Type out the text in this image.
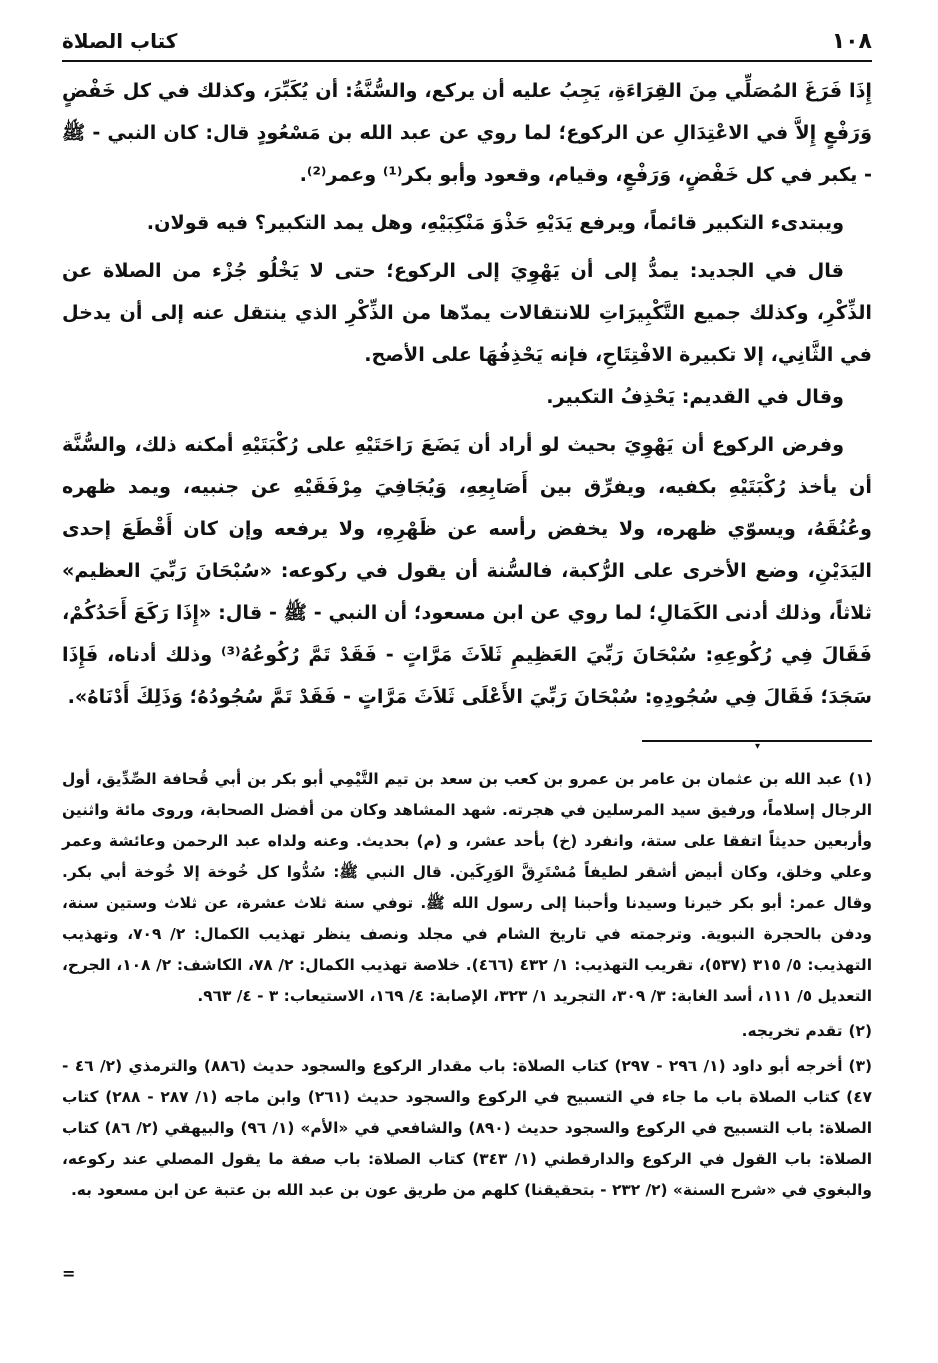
١٠٨
كتاب الصلاة

إِذَا فَرَغَ المُصَلِّي مِنَ القِرَاءَةِ، يَجِبُ عليه أن يركع، والسُّنَّةُ: أن يُكَبِّرَ، وكذلك في كل خَفْضٍ وَرَفْعٍ إِلاَّ في الاعْتِدَالِ عن الركوع؛ لما روي عن عبد الله بن مَسْعُودٍ قال: كان النبي - ﷺ - يكبر في كل خَفْضٍ، وَرَفْعٍ، وقيام، وقعود وأبو بكر⁽¹⁾ وعمر⁽²⁾.

ويبتدىء التكبير قائماً، ويرفع يَدَيْهِ حَذْوَ مَنْكِبَيْهِ، وهل يمد التكبير؟ فيه قولان.

قال في الجديد: يمدُّ إلى أن يَهْوِيَ إلى الركوع؛ حتى لا يَخْلُو جُزْء من الصلاة عن الذِّكْرِ، وكذلك جميع التَّكْبِيرَاتِ للانتقالات يمدّها من الذِّكْرِ الذي ينتقل عنه إلى أن يدخل في الثَّانِي، إلا تكبيرة الافْتِتَاحِ، فإنه يَحْذِفُهَا على الأصح.

وقال في القديم: يَحْذِفُ التكبير.

وفرض الركوع أن يَهْوِيَ بحيث لو أراد أن يَضَعَ رَاحَتَيْهِ على رُكْبَتَيْهِ أمكنه ذلك، والسُّنَّة أن يأخذ رُكْبَتَيْهِ بكفيه، ويفرِّق بين أَصَابِعِهِ، وَيُجَافِيَ مِرْفَقَيْهِ عن جنبيه، ويمد ظهره وعُنُقَهُ، ويسوّي ظهره، ولا يخفض رأسه عن ظَهْرِهِ، ولا يرفعه وإن كان أَقْطَعَ إحدى اليَدَيْنِ، وضع الأخرى على الرُّكبة، فالسُّنة أن يقول في ركوعه: «سُبْحَانَ رَبِّيَ العظيم» ثلاثاً، وذلك أدنى الكَمَالِ؛ لما روي عن ابن مسعود؛ أن النبي - ﷺ - قال: «إِذَا رَكَعَ أَحَدُكُمْ، فَقَالَ فِي رُكُوعِهِ: سُبْحَانَ رَبِّيَ العَظِيمِ ثَلاَثَ مَرَّاتٍ - فَقَدْ تَمَّ رُكُوعُهُ⁽³⁾ وذلك أدناه، فَإِذَا سَجَدَ؛ فَقَالَ فِي سُجُودِهِ: سُبْحَانَ رَبِّيَ الأَعْلَى ثَلاَثَ مَرَّاتٍ - فَقَدْ تَمَّ سُجُودُهُ؛ وَذَلِكَ أَدْنَاهُ».

▾

(١)عبد الله بن عثمان بن عامر بن عمرو بن كعب بن سعد بن تيم التَّيْمِي أبو بكر بن أبي قُحافة الصِّدِّيق، أول الرجال إسلاماً، ورفيق سيد المرسلين في هجرته. شهد المشاهد وكان من أفضل الصحابة، وروى مائة واثنين وأربعين حديثاً اتفقا على ستة، وانفرد (خ) بأحد عشر، و (م) بحديث. وعنه ولداه عبد الرحمن وعائشة وعمر وعلي وخلق، وكان أبيض أشقر لطيفاً مُسْتَرِقَّ الوَرِكَين. قال النبي ﷺ: سُدُّوا كل خُوخة إلا خُوخة أبي بكر. وقال عمر: أبو بكر خيرنا وسيدنا وأحبنا إلى رسول الله ﷺ. توفي سنة ثلاث عشرة، عن ثلاث وستين سنة، ودفن بالحجرة النبوية. وترجمته في تاريخ الشام في مجلد ونصف ينظر تهذيب الكمال: ٢/ ٧٠٩، وتهذيب التهذيب: ٥/ ٣١٥ (٥٣٧)، تقريب التهذيب: ١/ ٤٣٢ (٤٦٦). خلاصة تهذيب الكمال: ٢/ ٧٨، الكاشف: ٢/ ١٠٨، الجرح، التعديل ٥/ ١١١، أسد الغابة: ٣/ ٣٠٩، التجريد ١/ ٣٢٣، الإصابة: ٤/ ١٦٩، الاستيعاب: ٣ - ٤/ ٩٦٣.

(٢)تقدم تخريجه.

(٣)أخرجه أبو داود (١/ ٢٩٦ - ٢٩٧) كتاب الصلاة: باب مقدار الركوع والسجود حديث (٨٨٦) والترمذي (٢/ ٤٦ - ٤٧) كتاب الصلاة باب ما جاء في التسبيح في الركوع والسجود حديث (٢٦١) وابن ماجه (١/ ٢٨٧ - ٢٨٨) كتاب الصلاة: باب التسبيح في الركوع والسجود حديث (٨٩٠) والشافعي في «الأم» (١/ ٩٦) والبيهقي (٢/ ٨٦) كتاب الصلاة: باب القول في الركوع والدارقطني (١/ ٣٤٣) كتاب الصلاة: باب صفة ما يقول المصلي عند ركوعه، والبغوي في «شرح السنة» (٢/ ٢٣٢ - بتحقيقنا) كلهم من طريق عون بن عبد الله بن عتبة عن ابن مسعود به.

=
